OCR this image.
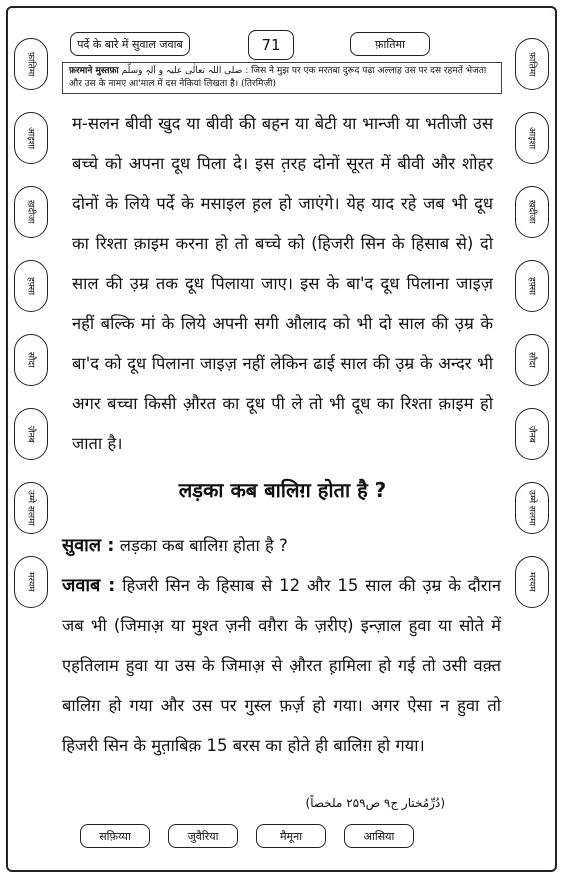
पर्दे के बारे में सुवाल जवाब	71	फ़ातिमा
फ़रमाने मुस्तफ़ा صلی اللہ تعالٰی علیہ و آلہٖ وسلّم : जिस ने मुझ पर एक मरतबा दुरूद पढ़ा अल्लाह उस पर दस रहमतें भेजता और उस के नामए आ'माल में दस नेकियां लिखता है। (तिरमिज़ी)
फ़ातिमा
आइशा
ख़दीजा
हफ़्सा
सौदा
ज़ैनब
उम्मे सलमा
मरयम
फ़ातिमा
आइशा
ख़दीजा
हफ़्सा
सौदा
ज़ैनब
उम्मे सलमा
मरयम

म-सलन बीवी खुद या बीवी की बहन या बेटी या भान्जी या भतीजी उस बच्चे को अपना दूध पिला दे। इस त़रह दोनों सूरत में बीवी और शोहर दोनों के लिये पर्दे के मसाइल ह़ल हो जाएंगे। येह याद रहे जब भी दूध का रिश्ता क़ाइम करना हो तो बच्चे को (हिजरी सिन के हिसाब से) दो साल की उ़म्र तक दूध पिलाया जाए। इस के बा'द दूध पिलाना जाइज़ नहीं बल्कि मां के लिये अपनी सगी औलाद को भी दो साल की उ़म्र के बा'द को दूध पिलाना जाइज़ नहीं लेकिन ढाई साल की उ़म्र के अन्दर भी अगर बच्चा किसी औ़रत का दूध पी ले तो भी दूध का रिश्ता क़ाइम हो जाता है।

लड़का कब बालिग़ होता है ?
सुवाल : लड़का कब बालिग़ होता है ?
जवाब : हिजरी सिन के हिसाब से 12 और 15 साल की उ़म्र के दौरान जब भी (जिमाअ़ या मुश्त ज़नी वग़ैरा के ज़रीए) इन्ज़ाल हुवा या सोते में एहतिलाम हुवा या उस के जिमाअ़ से औ़रत ह़ामिला हो गई तो उसी वक़्त बालिग़ हो गया और उस पर गुस्ल फ़र्ज़ हो गया। अगर ऐसा न हुवा तो हिजरी सिन के मुत़ाबिक़ 15 बरस का होते ही बालिग़ हो गया।
(دُرِّمُختار ج۹ ص۲۵۹ ملخصاً)
सफ़िय्या	जुवैरिया	मैमूना	आसिया
